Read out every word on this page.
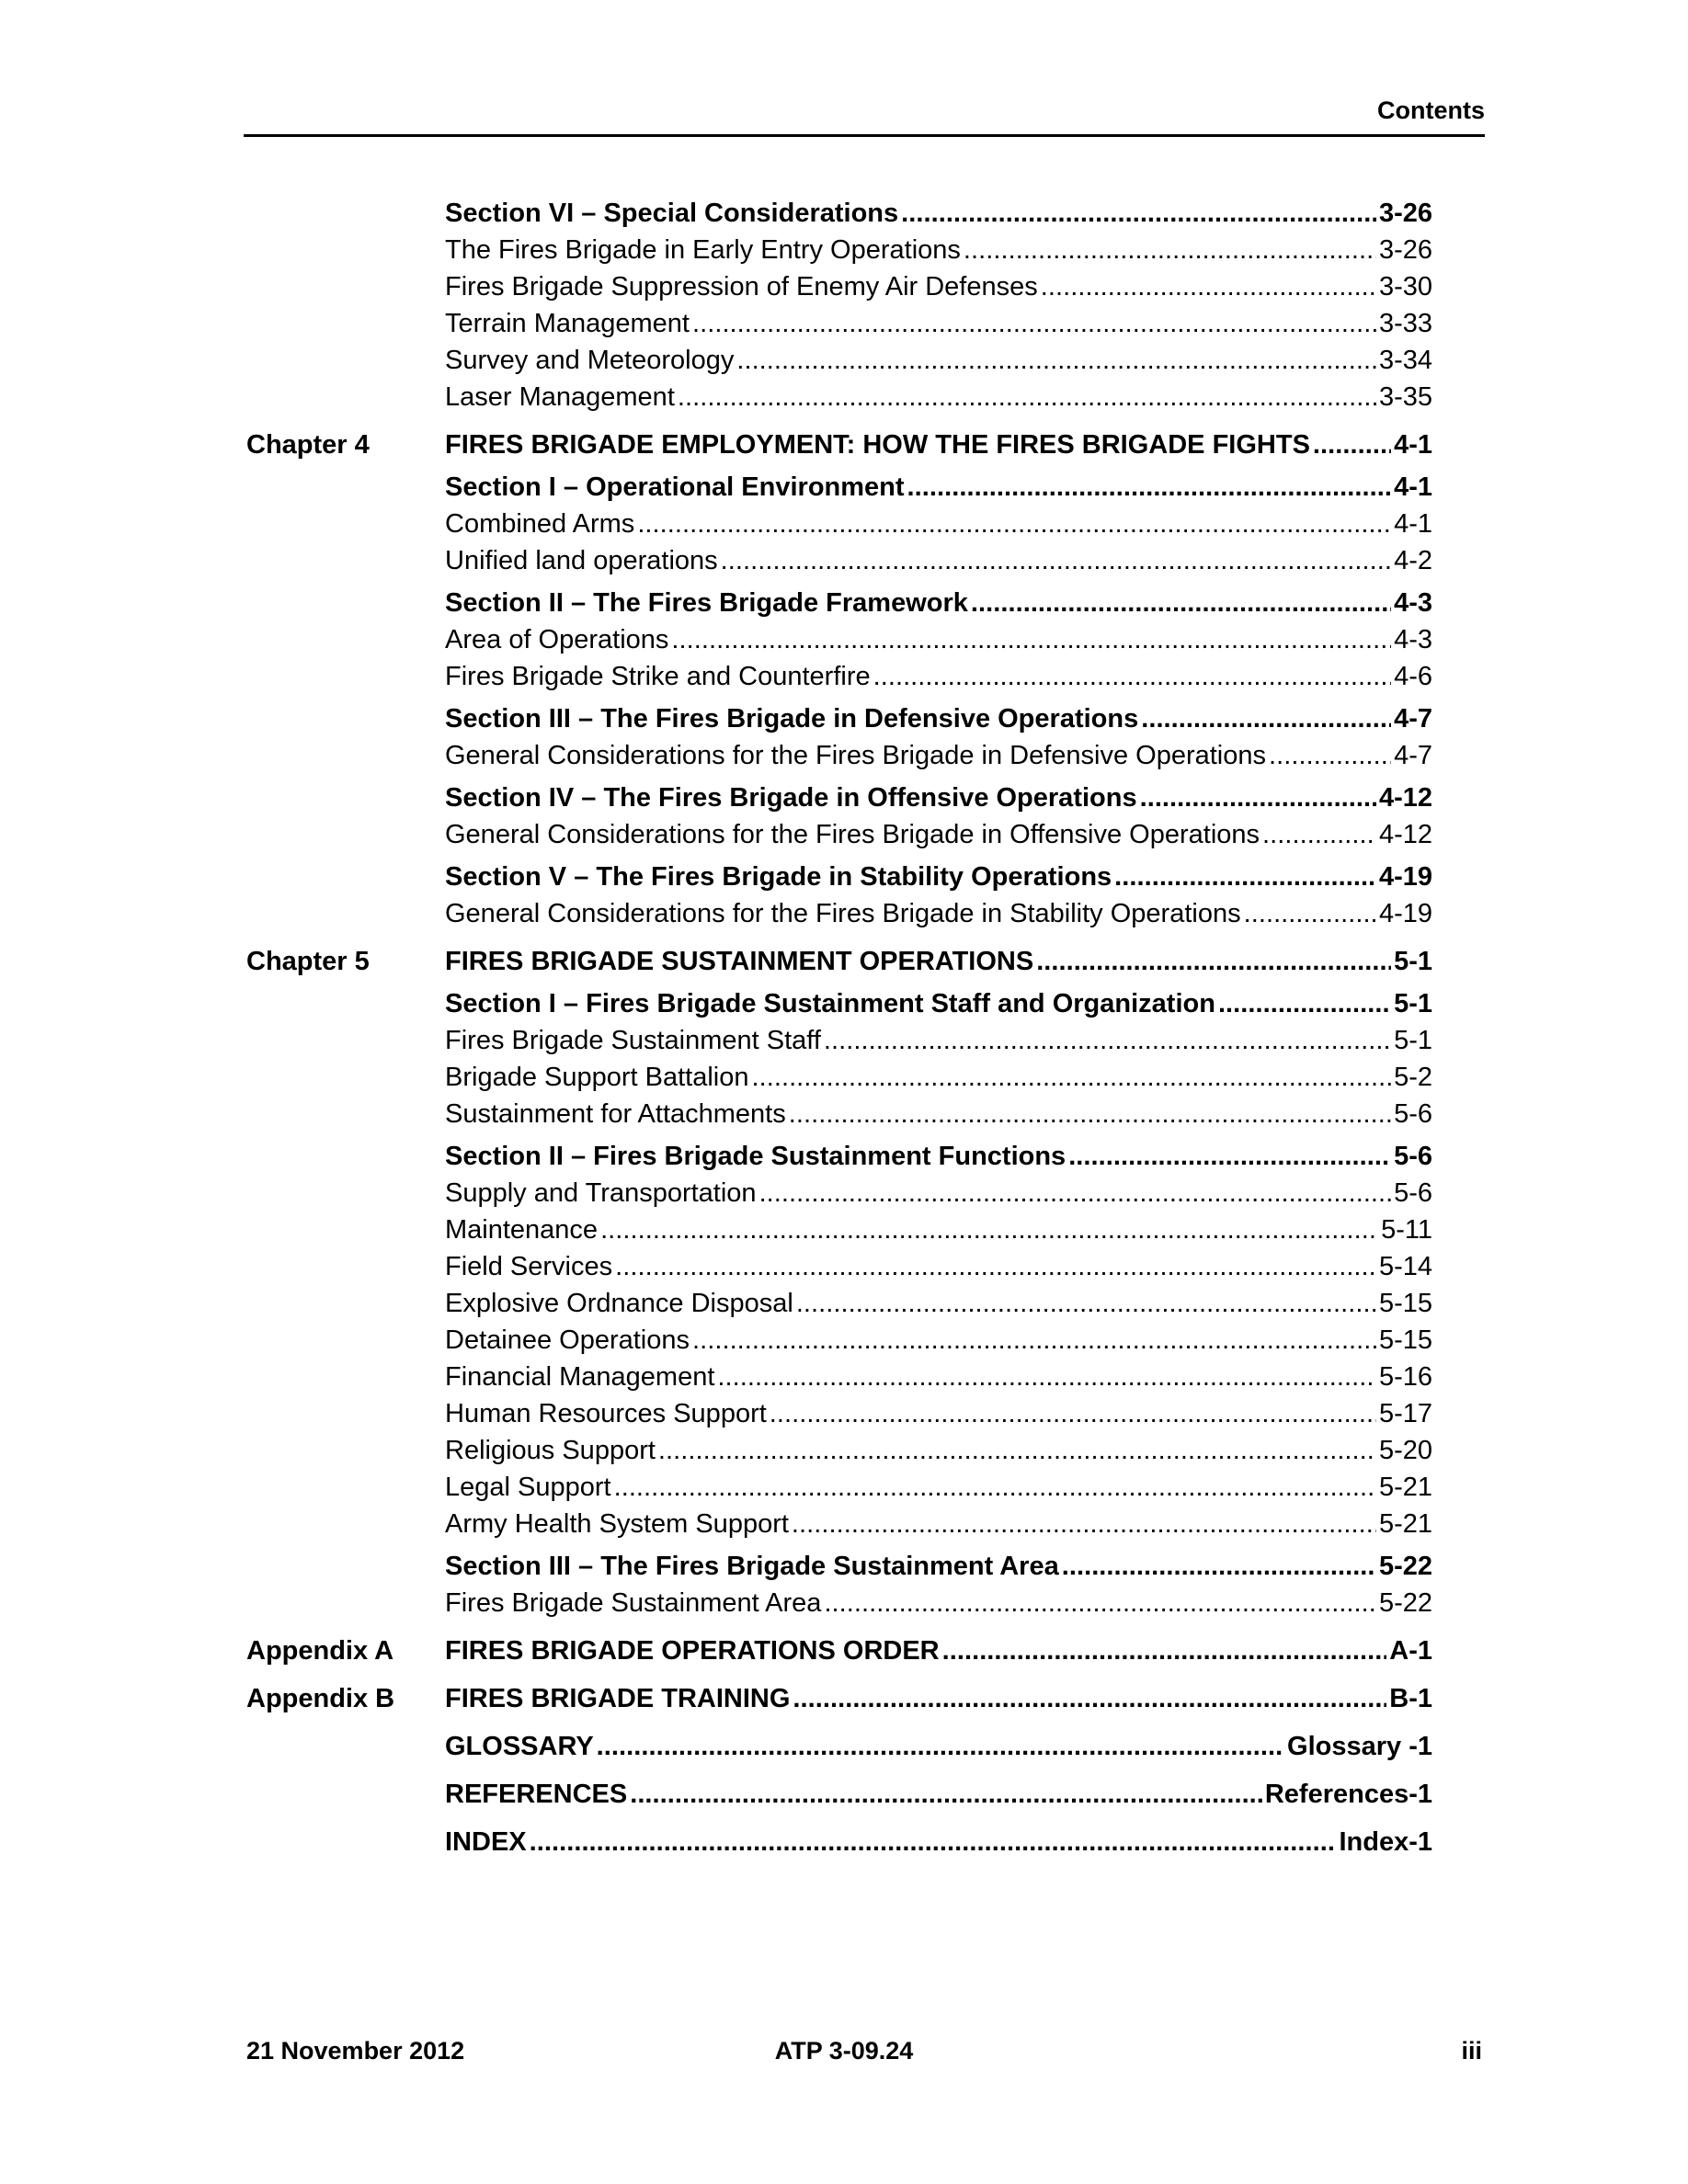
Contents
Section VI – Special Considerations . . .	3-26
The Fires Brigade in Early Entry Operations . . .	3-26
Fires Brigade Suppression of Enemy Air Defenses . . .	3-30
Terrain Management . . .	3-33
Survey and Meteorology . . .	3-34
Laser Management . . .	3-35
Chapter 4	FIRES BRIGADE EMPLOYMENT: HOW THE FIRES BRIGADE FIGHTS . . .	4-1
Section I – Operational Environment . . .	4-1
Combined Arms . . .	4-1
Unified land operations . . .	4-2
Section II – The Fires Brigade Framework . . .	4-3
Area of Operations . . .	4-3
Fires Brigade Strike and Counterfire . . .	4-6
Section III – The Fires Brigade in Defensive Operations . . .	4-7
General Considerations for the Fires Brigade in Defensive Operations . . .	4-7
Section IV – The Fires Brigade in Offensive Operations . . .	4-12
General Considerations for the Fires Brigade in Offensive Operations . . .	4-12
Section V – The Fires Brigade in Stability Operations . . .	4-19
General Considerations for the Fires Brigade in Stability Operations . . .	4-19
Chapter 5	FIRES BRIGADE SUSTAINMENT OPERATIONS . . .	5-1
Section I – Fires Brigade Sustainment Staff and Organization . . .	5-1
Fires Brigade Sustainment Staff . . .	5-1
Brigade Support Battalion . . .	5-2
Sustainment for Attachments . . .	5-6
Section II – Fires Brigade Sustainment Functions . . .	5-6
Supply and Transportation . . .	5-6
Maintenance . . .	5-11
Field Services . . .	5-14
Explosive Ordnance Disposal . . .	5-15
Detainee Operations . . .	5-15
Financial Management . . .	5-16
Human Resources Support . . .	5-17
Religious Support . . .	5-20
Legal Support . . .	5-21
Army Health System Support . . .	5-21
Section III – The Fires Brigade Sustainment Area . . .	5-22
Fires Brigade Sustainment Area . . .	5-22
Appendix A	FIRES BRIGADE OPERATIONS ORDER . . .	A-1
Appendix B	FIRES BRIGADE TRAINING . . .	B-1
GLOSSARY . . .	Glossary -1
REFERENCES . . .	References-1
INDEX . . .	Index-1
21 November 2012	ATP 3-09.24	iii
